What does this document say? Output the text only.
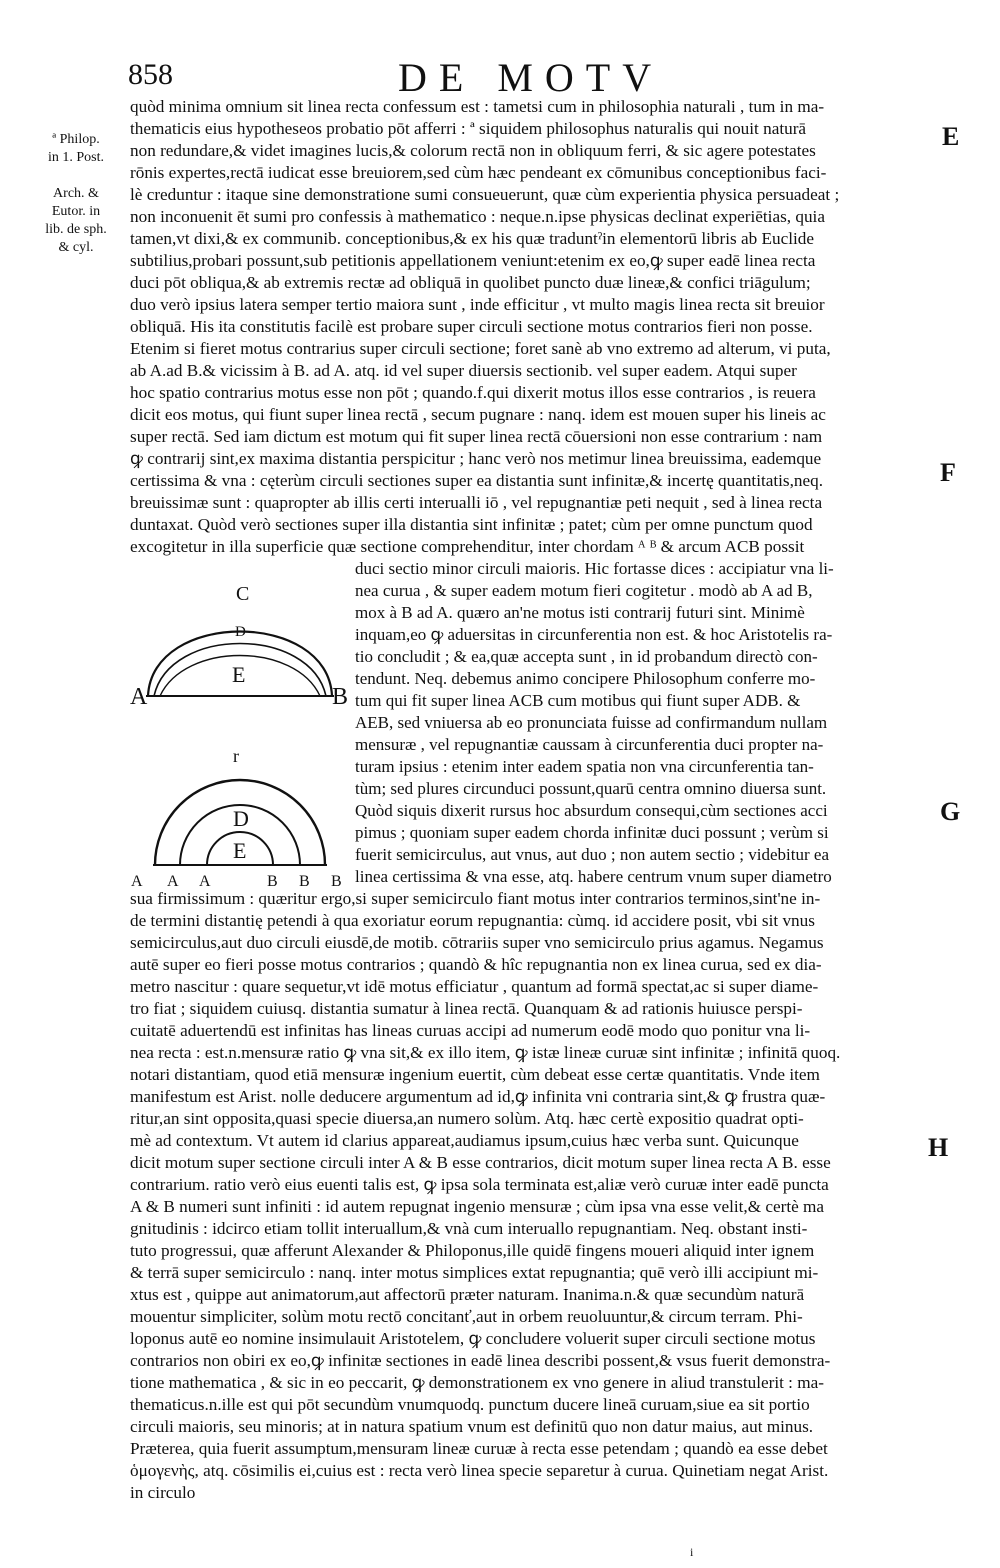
858	DE MOTV
ª Philop.
in 1. Post.
Arch. &
Eutor. in
lib. de sph.
& cyl.
E
F
G
H
quòd minima omnium sit linea recta confessum est : tametsi cum in philosophia naturali , tum in ma-
thematicis eius hypotheseos probatio pōt afferri : ª siquidem philosophus naturalis qui nouit naturā
non redundare,& videt imagines lucis,& colorum rectā non in obliquum ferri, & sic agere potestates
rōnis expertes,rectā iudicat esse breuiorem,sed cùm hæc pendeant ex cōmunibus conceptionibus faci-
lè creduntur : itaque sine demonstratione sumi consueuerunt, quæ cùm experientia physica persuadeat ;
non inconuenit ēt sumi pro confessis à mathematico : neque.n.ipse physicas declinat experiētias, quia
tamen,vt dixi,& ex communib. conceptionibus,& ex his quæ traduntˀin elementorū libris ab Euclide
subtilius,probari possunt,sub petitionis appellationem veniunt:etenim ex eo,ꝙ super eadē linea recta
duci pōt obliqua,& ab extremis rectæ ad obliquā in quolibet puncto duæ lineæ,& confici triāgulum;
duo verò ipsius latera semper tertio maiora sunt , inde efficitur , vt multo magis linea recta sit breuior
obliquā. His ita constitutis facilè est probare super circuli sectione motus contrarios fieri non posse.
Etenim si fieret motus contrarius super circuli sectione; foret sanè ab vno extremo ad alterum, vi puta,
ab A.ad B.& vicissim à B. ad A. atq. id vel super diuersis sectionib. vel super eadem. Atqui super
hoc spatio contrarius motus esse non pōt ; quando.f.qui dixerit motus illos esse contrarios , is reuera
dicit eos motus, qui fiunt super linea rectā , secum pugnare : nanq. idem est mouen super his lineis ac
super rectā. Sed iam dictum est motum qui fit super linea rectā cōuersioni non esse contrarium : nam
ꝙ contrarij sint,ex maxima distantia perspicitur ; hanc verò nos metimur linea breuissima, eademque
certissima & vna : cęterùm circuli sectiones super ea distantia sunt infinitæ,& incertę quantitatis,neq.
breuissimæ sunt : quapropter ab illis certi interualli iō , vel repugnantiæ peti nequit , sed à linea recta
duntaxat. Quòd verò sectiones super illa distantia sint infinitæ ; patet; cùm per omne punctum quod
excogitetur in illa superficie quæ sectione comprehenditur, inter chordam ᴬ ᴮ & arcum ACB possit
duci sectio minor circuli maioris. Hic fortasse dices : accipiatur vna li-
nea curua , & super eadem motum fieri cogitetur . modò ab A ad B,
mox à B ad A. quæro an'ne motus isti contrarij futuri sint. Minimè
inquam,eo ꝙ aduersitas in circunferentia non est. & hoc Aristotelis ra-
tio concludit ; & ea,quæ accepta sunt , in id probandum directò con-
tendunt. Neq. debemus animo concipere Philosophum conferre mo-
tum qui fit super linea ACB cum motibus qui fiunt super ADB. &
AEB, sed vniuersa ab eo pronunciata fuisse ad confirmandum nullam
mensuræ , vel repugnantiæ caussam à circunferentia duci propter na-
turam ipsius : etenim inter eadem spatia non vna circunferentia tan-
tùm; sed plures circunduci possunt,quarū centra omnino diuersa sunt.
Quòd siquis dixerit rursus hoc absurdum consequi,cùm sectiones acci
pimus ; quoniam super eadem chorda infinitæ duci possunt ; verùm si
fuerit semicirculus, aut vnus, aut duo ; non autem sectio ; videbitur ea
linea certissima & vna esse, atq. habere centrum vnum super diametro
sua firmissimum : quæritur ergo,si super semicirculo fiant motus inter contrarios terminos,sint'ne in-
de termini distantię petendi à qua exoriatur eorum repugnantia: cùmq. id accidere posit, vbi sit vnus
semicirculus,aut duo circuli eiusdē,de motib. cōtrariis super vno semicirculo prius agamus. Negamus
autē super eo fieri posse motus contrarios ; quandò & hîc repugnantia non ex linea curua, sed ex dia-
metro nascitur : quare sequetur,vt idē motus efficiatur , quantum ad formā spectat,ac si super diame-
tro fiat ; siquidem cuiusq. distantia sumatur à linea rectā. Quanquam & ad rationis huiusce perspi-
cuitatē aduertendū est infinitas has lineas curuas accipi ad numerum eodē modo quo ponitur vna li-
nea recta : est.n.mensuræ ratio ꝙ vna sit,& ex illo item, ꝙ istæ lineæ curuæ sint infinitæ ; infinitā quoq.
notari distantiam, quod etiā mensuræ ingenium euertit, cùm debeat esse certæ quantitatis. Vnde item
manifestum est Arist. nolle deducere argumentum ad id,ꝙ infinita vni contraria sint,& ꝙ frustra quæ-
ritur,an sint opposita,quasi specie diuersa,an numero solùm. Atq. hæc certè expositio quadrat opti-
mè ad contextum. Vt autem id clarius appareat,audiamus ipsum,cuius hæc verba sunt. Quicunque
dicit motum super sectione circuli inter A & B esse contrarios, dicit motum super linea recta A B. esse
contrarium. ratio verò eius euenti talis est, ꝙ ipsa sola terminata est,aliæ verò curuæ inter eadē puncta
A & B numeri sunt infiniti : id autem repugnat ingenio mensuræ ; cùm ipsa vna esse velit,& certè ma
gnitudinis : idcirco etiam tollit interuallum,& vnà cum interuallo repugnantiam. Neq. obstant insti-
tuto progressui, quæ afferunt Alexander & Philoponus,ille quidē fingens moueri aliquid inter ignem
& terrā super semicirculo : nanq. inter motus simplices extat repugnantia; quē verò illi accipiunt mi-
xtus est , quippe aut animatorum,aut affectorū præter naturam. Inanima.n.& quæ secundùm naturā
mouentur simpliciter, solùm motu rectō concitanť,aut in orbem reuoluuntur,& circum terram. Phi-
loponus autē eo nomine insimulauit Aristotelem, ꝙ concludere voluerit super circuli sectione motus
contrarios non obiri ex eo,ꝙ infinitæ sectiones in eadē linea describi possent,& vsus fuerit demonstra-
tione mathematica , & sic in eo peccarit, ꝙ demonstrationem ex vno genere in aliud transtulerit : ma-
thematicus.n.ille est qui pōt secundùm vnumquodq. punctum ducere lineā curuam,siue ea sit portio
circuli maioris, seu minoris; at in natura spatium vnum est definitū quo non datur maius, aut minus.
Præterea, quia fuerit assumptum,mensuram lineæ curuæ à recta esse petendam ; quandò ea esse debet
ὁμογενὴς, atq. cōsimilis ei,cuius est : recta verò linea specie separetur à curua. Quinetiam negat Arist.
in circulo
C
D
E
A	B
r
D
E
A A A	B B B
i
